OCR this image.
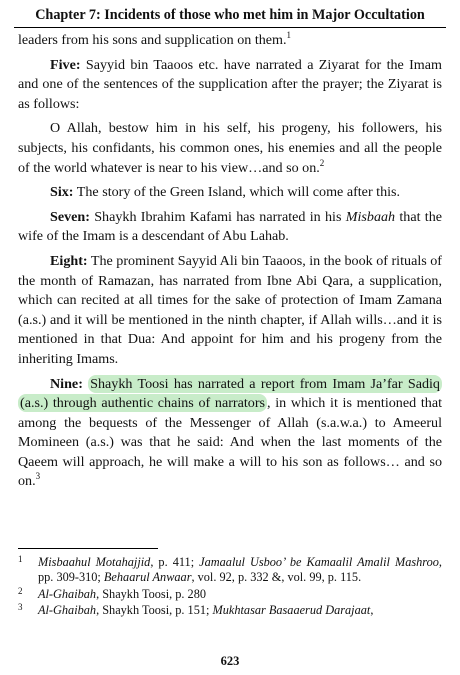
Chapter 7: Incidents of those who met him in Major Occultation

leaders from his sons and supplication on them.$^1$

Five: Sayyid bin Taaoos etc. have narrated a Ziyarat for the Imam and one of the sentences of the supplication after the prayer; the Ziyarat is as follows:

O Allah, bestow him in his self, his progeny, his followers, his subjects, his confidants, his common ones, his enemies and all the people of the world whatever is near to his view…and so on.$^2$

Six: The story of the Green Island, which will come after this.

Seven: Shaykh Ibrahim Kafami has narrated in his Misbaah that the wife of the Imam is a descendant of Abu Lahab.

Eight: The prominent Sayyid Ali bin Taaoos, in the book of rituals of the month of Ramazan, has narrated from Ibne Abi Qara, a supplication, which can recited at all times for the sake of protection of Imam Zamana (a.s.) and it will be mentioned in the ninth chapter, if Allah wills…and it is mentioned in that Dua: And appoint for him and his progeny from the inheriting Imams.

Nine: Shaykh Toosi has narrated a report from Imam Ja’far Sadiq (a.s.) through authentic chains of narrators , in which it is mentioned that among the bequests of the Messenger of Allah (s.a.w.a.) to Ameerul Momineen (a.s.) was that he said: And when the last moments of the Qaeem will approach, he will make a will to his son as follows… and so on.$^3$

1 Misbaahul Motahajjid, p. 411; Jamaalul Usboo’ be Kamaalil Amalil Mashroo, pp. 309-310; Behaarul Anwaar, vol. 92, p. 332 &, vol. 99, p. 115.
2 Al-Ghaibah, Shaykh Toosi, p. 280
3 Al-Ghaibah, Shaykh Toosi, p. 151; Mukhtasar Basaaerud Darajaat,
623
